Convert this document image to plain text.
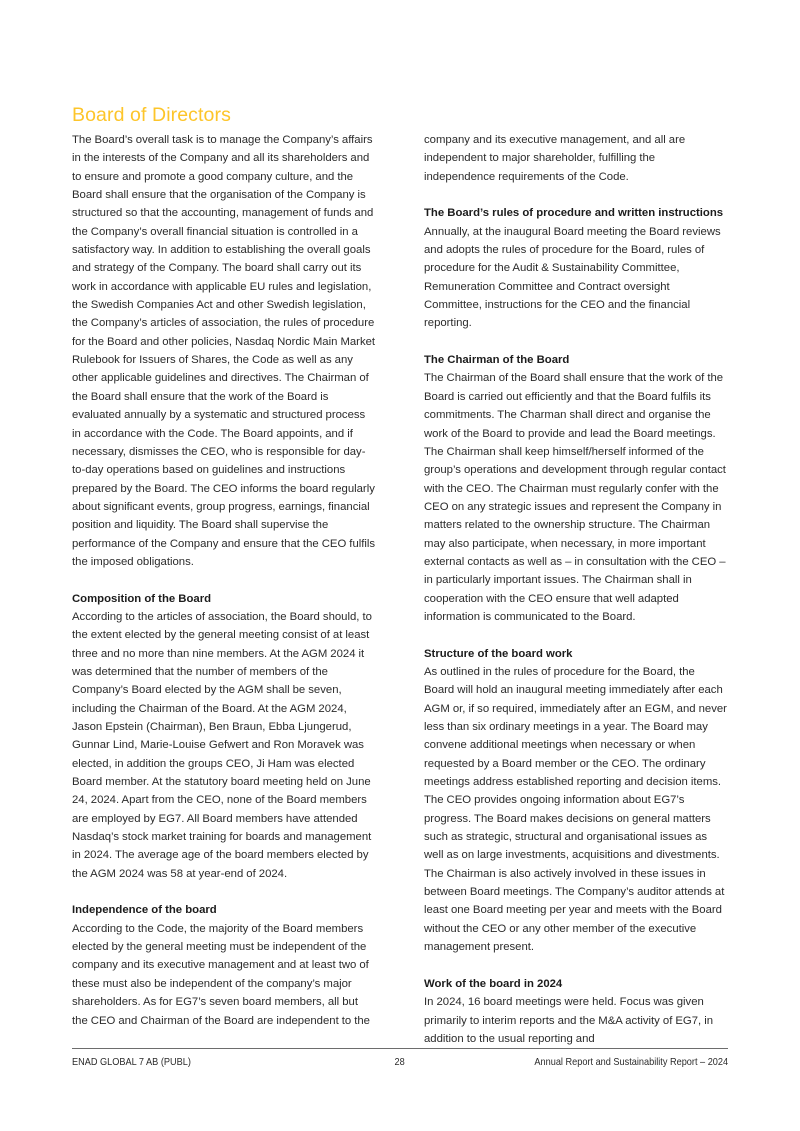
Board of Directors

The Board’s overall task is to manage the Company’s affairs in the interests of the Company and all its shareholders and to ensure and promote a good company culture, and the Board shall ensure that the organisation of the Company is structured so that the accounting, management of funds and the Company’s overall financial situation is controlled in a satisfactory way. In addition to establishing the overall goals and strategy of the Company. The board shall carry out its work in accordance with applicable EU rules and legislation, the Swedish Companies Act and other Swedish legislation, the Company’s articles of association, the rules of procedure for the Board and other policies, Nasdaq Nordic Main Market Rulebook for Issuers of Shares, the Code as well as any other applicable guidelines and directives. The Chairman of the Board shall ensure that the work of the Board is evaluated annually by a systematic and structured process in accordance with the Code. The Board appoints, and if necessary, dismisses the CEO, who is responsible for day-to-day operations based on guidelines and instructions prepared by the Board. The CEO informs the board regularly about significant events, group progress, earnings, financial position and liquidity. The Board shall supervise the performance of the Company and ensure that the CEO fulfils the imposed obligations.

Composition of the Board

According to the articles of association, the Board should, to the extent elected by the general meeting consist of at least three and no more than nine members. At the AGM 2024 it was determined that the number of members of the Company’s Board elected by the AGM shall be seven, including the Chairman of the Board. At the AGM 2024, Jason Epstein (Chairman), Ben Braun, Ebba Ljungerud, Gunnar Lind, Marie-Louise Gefwert and Ron Moravek was elected, in addition the groups CEO, Ji Ham was elected Board member. At the statutory board meeting held on June 24, 2024. Apart from the CEO, none of the Board members are employed by EG7. All Board members have attended Nasdaq’s stock market training for boards and management in 2024. The average age of the board members elected by the AGM 2024 was 58 at year-end of 2024.

Independence of the board

According to the Code, the majority of the Board members elected by the general meeting must be independent of the company and its executive management and at least two of these must also be independent of the company’s major shareholders. As for EG7’s seven board members, all but the CEO and Chairman of the Board are independent to the

company and its executive management, and all are independent to major shareholder, fulfilling the independence requirements of the Code.

The Board’s rules of procedure and written instructions

Annually, at the inaugural Board meeting the Board reviews and adopts the rules of procedure for the Board, rules of procedure for the Audit & Sustainability Committee, Remuneration Committee and Contract oversight Committee, instructions for the CEO and the financial reporting.

The Chairman of the Board

The Chairman of the Board shall ensure that the work of the Board is carried out efficiently and that the Board fulfils its commitments. The Charman shall direct and organise the work of the Board to provide and lead the Board meetings. The Chairman shall keep himself/herself informed of the group’s operations and development through regular contact with the CEO. The Chairman must regularly confer with the CEO on any strategic issues and represent the Company in matters related to the ownership structure. The Chairman may also participate, when necessary, in more important external contacts as well as – in consultation with the CEO – in particularly important issues. The Chairman shall in cooperation with the CEO ensure that well adapted information is communicated to the Board.

Structure of the board work

As outlined in the rules of procedure for the Board, the Board will hold an inaugural meeting immediately after each AGM or, if so required, immediately after an EGM, and never less than six ordinary meetings in a year. The Board may convene additional meetings when necessary or when requested by a Board member or the CEO. The ordinary meetings address established reporting and decision items. The CEO provides ongoing information about EG7’s progress. The Board makes decisions on general matters such as strategic, structural and organisational issues as well as on large investments, acquisitions and divestments. The Chairman is also actively involved in these issues in between Board meetings. The Company’s auditor attends at least one Board meeting per year and meets with the Board without the CEO or any other member of the executive management present.

Work of the board in 2024

In 2024, 16 board meetings were held. Focus was given primarily to interim reports and the M&A activity of EG7, in addition to the usual reporting and

ENAD GLOBAL 7 AB (PUBL)	28	Annual Report and Sustainability Report – 2024
